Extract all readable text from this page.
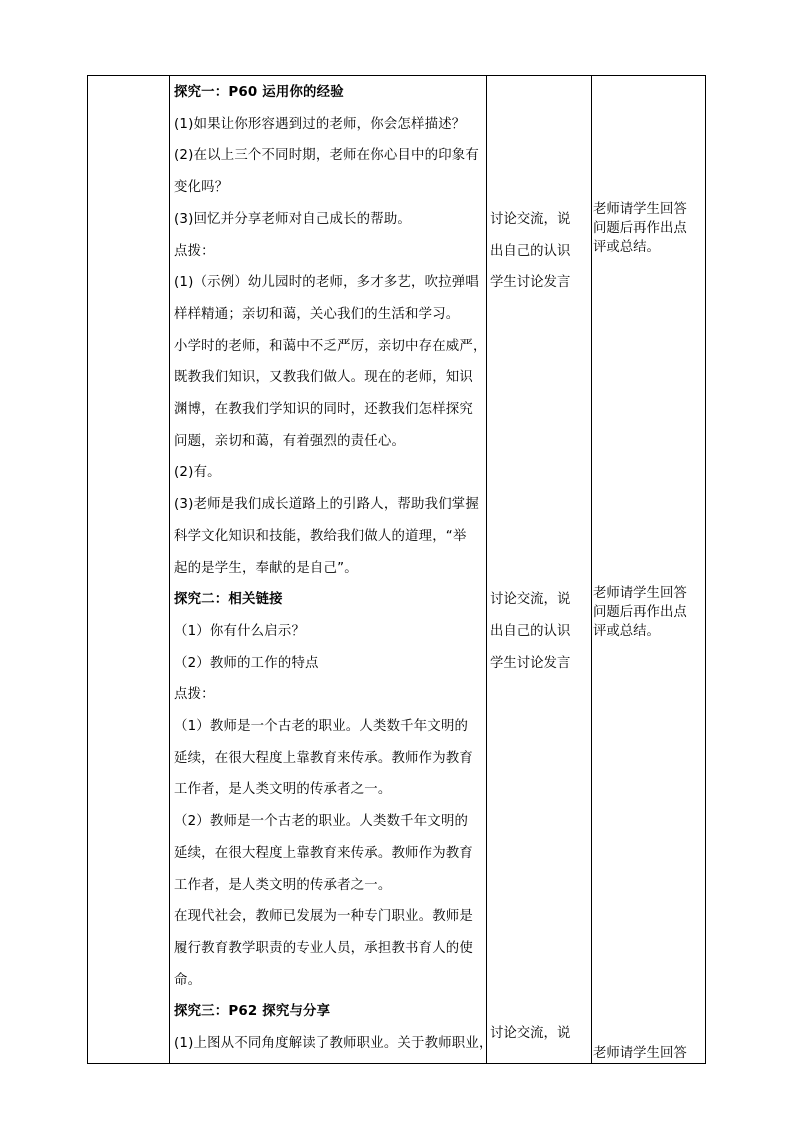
探究一：P60 运用你的经验
(1)如果让你形容遇到过的老师，你会怎样描述？
(2)在以上三个不同时期，老师在你心目中的印象有
变化吗？
(3)回忆并分享老师对自己成长的帮助。
点拨：
(1)（示例）幼儿园时的老师，多才多艺，吹拉弹唱
样样精通；亲切和蔼，关心我们的生活和学习。
小学时的老师，和蔼中不乏严厉，亲切中存在威严，
既教我们知识，又教我们做人。现在的老师，知识
渊博，在教我们学知识的同时，还教我们怎样探究
问题，亲切和蔼，有着强烈的责任心。
(2)有。
(3)老师是我们成长道路上的引路人，帮助我们掌握
科学文化知识和技能，教给我们做人的道理，“举
起的是学生，奉献的是自己”。
探究二：相关链接
（1）你有什么启示？
（2）教师的工作的特点
点拨：
（1）教师是一个古老的职业。人类数千年文明的
延续，在很大程度上靠教育来传承。教师作为教育
工作者，是人类文明的传承者之一。
（2）教师是一个古老的职业。人类数千年文明的
延续，在很大程度上靠教育来传承。教师作为教育
工作者，是人类文明的传承者之一。
在现代社会，教师已发展为一种专门职业。教师是
履行教育教学职责的专业人员，承担教书育人的使
命。
探究三：P62 探究与分享
(1)上图从不同角度解读了教师职业。关于教师职业，
讨论交流，说
出自己的认识
学生讨论发言
讨论交流，说
出自己的认识
学生讨论发言
讨论交流，说
老师请学生回答
问题后再作出点
评或总结。
老师请学生回答
问题后再作出点
评或总结。
老师请学生回答
